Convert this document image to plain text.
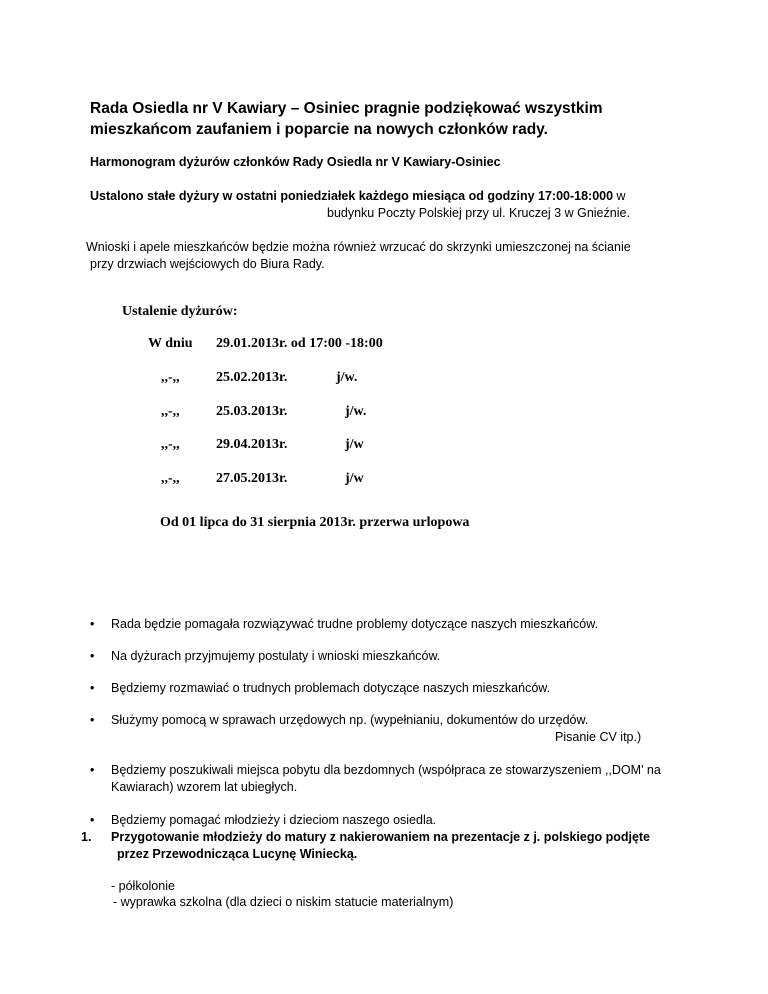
Rada Osiedla nr V Kawiary – Osiniec pragnie podziękować wszystkim
mieszkańcom zaufaniem i poparcie na nowych członków rady.
Harmonogram dyżurów członków Rady Osiedla nr V Kawiary-Osiniec
Ustalono stałe dyżury w ostatni poniedziałek każdego miesiąca od godziny 17:00-18:000 w
budynku Poczty Polskiej przy ul. Kruczej 3 w Gnieźnie.
Wnioski i apele mieszkańców będzie można również wrzucać do skrzynki umieszczonej na ścianie
przy drzwiach wejściowych do Biura Rady.
Ustalenie dyżurów:
W dniu 29.01.2013r. od 17:00 -18:00
,,-,,	25.02.2013r.	j/w.
,,-,,	25.03.2013r.	j/w.
,,-,,	29.04.2013r.	j/w
,,-,,	27.05.2013r.	j/w
Od 01 lipca do 31 sierpnia 2013r. przerwa urlopowa
• Rada będzie pomagała rozwiązywać trudne problemy dotyczące naszych mieszkańców.
• Na dyżurach przyjmujemy postulaty i wnioski mieszkańców.
• Będziemy rozmawiać o trudnych problemach dotyczące naszych mieszkańców.
• Służymy pomocą w sprawach urzędowych np. (wypełnianiu, dokumentów do urzędów.
Pisanie CV itp.)
• Będziemy poszukiwali miejsca pobytu dla bezdomnych (współpraca ze stowarzyszeniem ,,DOM' na
Kawiarach) wzorem lat ubiegłych.
• Będziemy pomagać młodzieży i dzieciom naszego osiedla.
1. Przygotowanie młodzieży do matury z nakierowaniem na prezentacje z j. polskiego podjęte
przez Przewodnicząca Lucynę Winiecką.
- półkolonie
- wyprawka szkolna (dla dzieci o niskim statucie materialnym)
